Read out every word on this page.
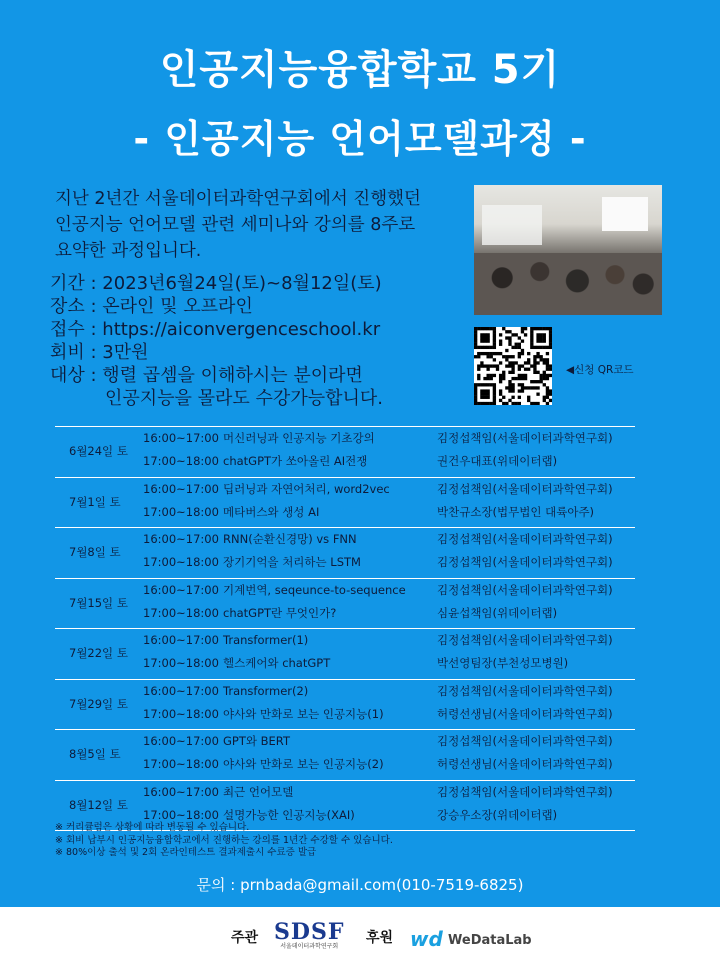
인공지능융합학교 5기
- 인공지능 언어모델과정 -
지난 2년간 서울데이터과학연구회에서 진행했던
인공지능 언어모델 관련 세미나와 강의를 8주로
요약한 과정입니다.
기간 : 2023년6월24일(토)~8월12일(토)
장소 : 온라인 및 오프라인
접수 : https://aiconvergenceschool.kr
회비 : 3만원
대상 : 행렬 곱셈을 이해하시는 분이라면
인공지능을 몰라도 수강가능합니다.
◀신청 QR코드
6월24일 토
16:00~17:00 머신러닝과 인공지능 기초강의	김정섭책임(서울데이터과학연구회)
17:00~18:00 chatGPT가 쏘아올린 AI전쟁	권건우대표(위데이터랩)
7월1일 토
16:00~17:00 딥러닝과 자연어처리, word2vec	김정섭책임(서울데이터과학연구회)
17:00~18:00 메타버스와 생성 AI	박찬규소장(법무법인 대륙아주)
7월8일 토
16:00~17:00 RNN(순환신경망) vs FNN	김정섭책임(서울데이터과학연구회)
17:00~18:00 장기기억을 처리하는 LSTM	김정섭책임(서울데이터과학연구회)
7월15일 토
16:00~17:00 기계번역, seqeunce-to-sequence	김정섭책임(서울데이터과학연구회)
17:00~18:00 chatGPT란 무엇인가?	심윤섭책임(위데이터랩)
7월22일 토
16:00~17:00 Transformer(1)	김정섭책임(서울데이터과학연구회)
17:00~18:00 헬스케어와 chatGPT	박선영팀장(부천성모병원)
7월29일 토
16:00~17:00 Transformer(2)	김정섭책임(서울데이터과학연구회)
17:00~18:00 야사와 만화로 보는 인공지능(1)	허령선생님(서울데이터과학연구회)
8월5일 토
16:00~17:00 GPT와 BERT	김정섭책임(서울데이터과학연구회)
17:00~18:00 야사와 만화로 보는 인공지능(2)	허령선생님(서울데이터과학연구회)
8월12일 토
16:00~17:00 최근 언어모델	김정섭책임(서울데이터과학연구회)
17:00~18:00 설명가능한 인공지능(XAI)	강승우소장(위데이터랩)
※ 커리큘럼은 상황에 따라 변동될 수 있습니다.
※ 회비 납부시 인공지능융합학교에서 진행하는 강의를 1년간 수강할 수 있습니다.
※ 80%이상 출석 및 2회 온라인테스트 결과제출시 수료증 발급
문의 : prnbada@gmail.com(010-7519-6825)
주관 SDSF
서울데이터과학연구회
후원 wd WeDataLab
